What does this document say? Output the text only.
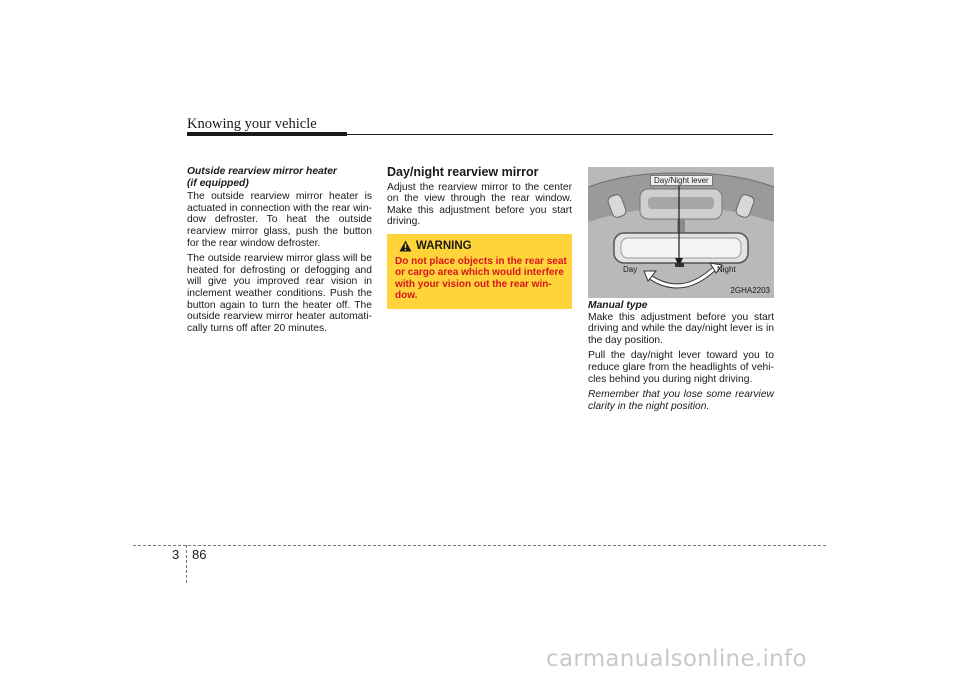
Knowing your vehicle
Outside rearview mirror heater
(if equipped)

The outside rearview mirror heater is actuated in connection with the rear win-dow defroster. To heat the outside rearview mirror glass, push the button for the rear window defroster.

The outside rearview mirror glass will be heated for defrosting or defogging and will give you improved rear vision in inclement weather conditions. Push the button again to turn the heater off. The outside rearview mirror heater automati-cally turns off after 20 minutes.

Day/night rearview mirror

Adjust the rearview mirror to the center on the view through the rear window. Make this adjustment before you start driving.

WARNING
Do not place objects in the rear seat or cargo area which would interfere with your vision out the rear win-dow.
Day/Night lever
Day	Night
2GHA2203
Manual type

Make this adjustment before you start driving and while the day/night lever is in the day position.

Pull the day/night lever toward you to reduce glare from the headlights of vehi-cles behind you during night driving.

Remember that you lose some rearview clarity in the night position.

3 86
carmanualsonline.info
